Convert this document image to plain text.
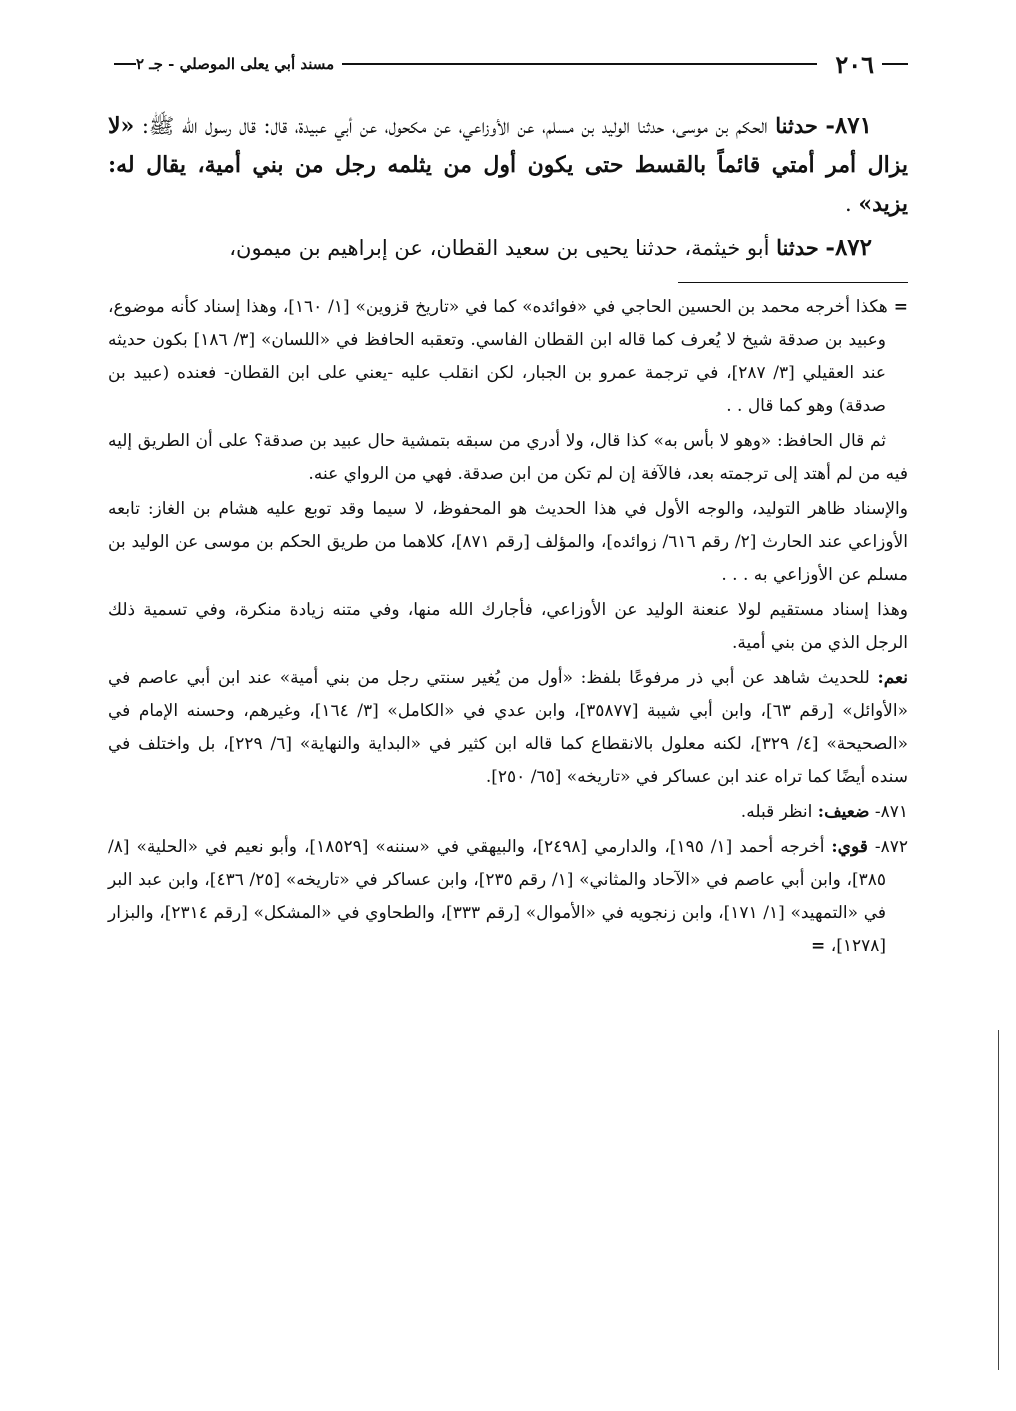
٢٠٦
مسند أبي يعلى الموصلي - جـ ٢

٨٧١- حدثنا الحكم بن موسى، حدثنا الوليد بن مسلم، عن الأوزاعي، عن مكحول، عن أبي عبيدة، قال: قال رسول الله ﷺ: «لا يزال أمر أمتي قائماً بالقسط حتى يكون أول من يثلمه رجل من بني أمية، يقال له: يزيد» .

٨٧٢- حدثنا أبو خيثمة، حدثنا يحيى بن سعيد القطان، عن إبراهيم بن ميمون،

=هكذا أخرجه محمد بن الحسين الحاجي في «فوائده» كما في «تاريخ قزوين» [١/ ١٦٠]، وهذا إسناد كأنه موضوع، وعبيد بن صدقة شيخ لا يُعرف كما قاله ابن القطان الفاسي. وتعقبه الحافظ في «اللسان» [٣/ ١٨٦] بكون حديثه عند العقيلي [٣/ ٢٨٧]، في ترجمة عمرو بن الجبار، لكن انقلب عليه -يعني على ابن القطان- فعنده (عبيد بن صدقة) وهو كما قال . .

ثم قال الحافظ: «وهو لا بأس به» كذا قال، ولا أدري من سبقه بتمشية حال عبيد بن صدقة؟ على أن الطريق إليه فيه من لم أهتد إلى ترجمته بعد، فالآفة إن لم تكن من ابن صدقة. فهي من الرواي عنه.

والإسناد ظاهر التوليد، والوجه الأول في هذا الحديث هو المحفوظ، لا سيما وقد توبع عليه هشام بن الغاز: تابعه الأوزاعي عند الحارث [٢/ رقم ٦١٦/ زوائده]، والمؤلف [رقم ٨٧١]، كلاهما من طريق الحكم بن موسى عن الوليد بن مسلم عن الأوزاعي به . . .

وهذا إسناد مستقيم لولا عنعنة الوليد عن الأوزاعي، فأجارك الله منها، وفي متنه زيادة منكرة، وفي تسمية ذلك الرجل الذي من بني أمية.

نعم: للحديث شاهد عن أبي ذر مرفوعًا بلفظ: «أول من يُغير سنتي رجل من بني أمية» عند ابن أبي عاصم في «الأوائل» [رقم ٦٣]، وابن أبي شيبة [٣٥٨٧٧]، وابن عدي في «الكامل» [٣/ ١٦٤]، وغيرهم، وحسنه الإمام في «الصحيحة» [٤/ ٣٢٩]، لكنه معلول بالانقطاع كما قاله ابن كثير في «البداية والنهاية» [٦/ ٢٢٩]، بل واختلف في سنده أيضًا كما تراه عند ابن عساكر في «تاريخه» [٦٥/ ٢٥٠].

٨٧١- ضعيف: انظر قبله.

٨٧٢- قوي: أخرجه أحمد [١/ ١٩٥]، والدارمي [٢٤٩٨]، والبيهقي في «سننه» [١٨٥٢٩]، وأبو نعيم في «الحلية» [٨/ ٣٨٥]، وابن أبي عاصم في «الآحاد والمثاني» [١/ رقم ٢٣٥]، وابن عساكر في «تاريخه» [٢٥/ ٤٣٦]، وابن عبد البر في «التمهيد» [١/ ١٧١]، وابن زنجويه في «الأموال» [رقم ٣٣٣]، والطحاوي في «المشكل» [رقم ٢٣١٤]، والبزار [١٢٧٨]، =
